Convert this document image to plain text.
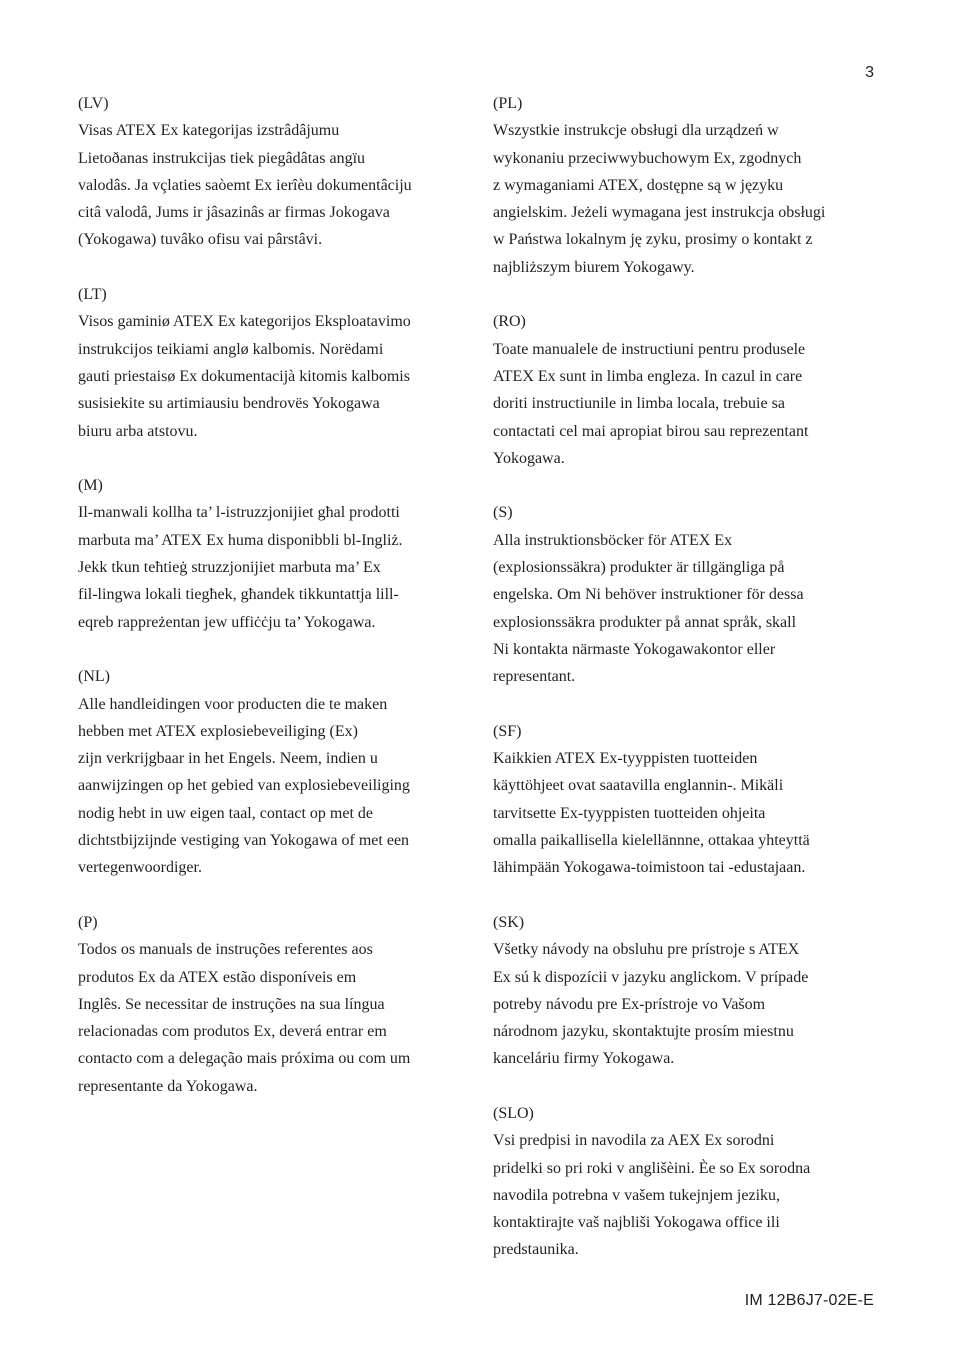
3
(LV)
Visas ATEX Ex kategorijas izstrâdâjumu
Lietoðanas instrukcijas tiek piegâdâtas angïu
valodâs. Ja vçlaties saòemt Ex ierîèu dokumentâciju
citâ valodâ, Jums ir jâsazinâs ar firmas Jokogava
(Yokogawa) tuvâko ofisu vai pârstâvi.
(LT)
Visos gaminiø ATEX Ex kategorijos Eksploatavimo
instrukcijos teikiami anglø kalbomis. Norëdami
gauti priestaisø Ex dokumentacijà kitomis kalbomis
susisiekite su artimiausiu bendrovës Yokogawa
biuru arba atstovu.
(M)
Il-manwali kollha ta’ l-istruzzjonijiet għal prodotti
marbuta ma’ ATEX Ex huma disponibbli bl-Ingliż.
Jekk tkun teħtieġ struzzjonijiet marbuta ma’ Ex
fil-lingwa lokali tiegħek, għandek tikkuntattja lill-
eqreb rappreżentan jew uffiċċju ta’ Yokogawa.
(NL)
Alle handleidingen voor producten die te maken
hebben met ATEX explosiebeveiliging (Ex)
zijn verkrijgbaar in het Engels. Neem, indien u
aanwijzingen op het gebied van explosiebeveiliging
nodig hebt in uw eigen taal, contact op met de
dichtstbijzijnde vestiging van Yokogawa of met een
vertegenwoordiger.
(P)
Todos os manuals de instruções referentes aos
produtos Ex da ATEX estão disponíveis em
Inglês. Se necessitar de instruções na sua língua
relacionadas com produtos Ex, deverá entrar em
contacto com a delegação mais próxima ou com um
representante da Yokogawa.
(PL)
Wszystkie instrukcje obsługi dla urządzeń w
wykonaniu przeciwwybuchowym Ex, zgodnych
z wymaganiami ATEX, dostępne są w języku
angielskim. Jeżeli wymagana jest instrukcja obsługi
w Państwa lokalnym ję zyku, prosimy o kontakt z
najbliższym biurem Yokogawy.
(RO)
Toate manualele de instructiuni pentru produsele
ATEX Ex sunt in limba engleza. In cazul in care
doriti instructiunile in limba locala, trebuie sa
contactati cel mai apropiat birou sau reprezentant
Yokogawa.
(S)
Alla instruktionsböcker för ATEX Ex
(explosionssäkra) produkter är tillgängliga på
engelska. Om Ni behöver instruktioner för dessa
explosionssäkra produkter på annat språk, skall
Ni kontakta närmaste Yokogawakontor eller
representant.
(SF)
Kaikkien ATEX Ex-tyyppisten tuotteiden
käyttöhjeet ovat saatavilla englannin-. Mikäli
tarvitsette Ex-tyyppisten tuotteiden ohjeita
omalla paikallisella kielellännne, ottakaa yhteyttä
lähimpään Yokogawa-toimistoon tai -edustajaan.
(SK)
Všetky návody na obsluhu pre prístroje s ATEX
Ex sú k dispozícii v jazyku anglickom. V prípade
potreby návodu pre Ex-prístroje vo Vašom
národnom jazyku, skontaktujte prosím miestnu
kanceláriu firmy Yokogawa.
(SLO)
Vsi predpisi in navodila za AEX Ex sorodni
pridelki so pri roki v anglišèini. Èe so Ex sorodna
navodila potrebna v vašem tukejnjem jeziku,
kontaktirajte vaš najbliši Yokogawa office ili
predstaunika.
IM 12B6J7-02E-E
